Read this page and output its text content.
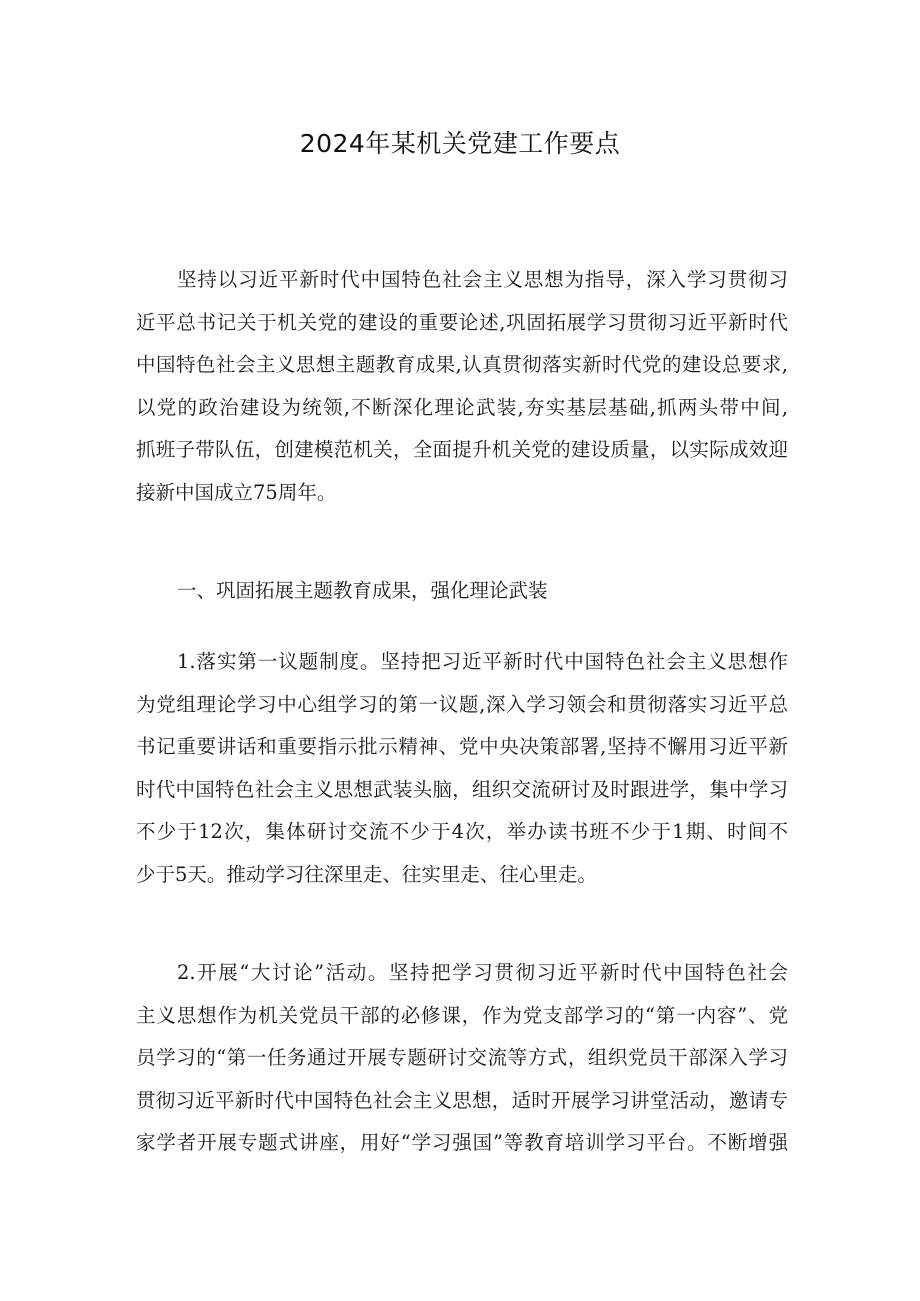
2024年某机关党建工作要点
坚持以习近平新时代中国特色社会主义思想为指导，深入学习贯彻习
近平总书记关于机关党的建设的重要论述,巩固拓展学习贯彻习近平新时代
中国特色社会主义思想主题教育成果,认真贯彻落实新时代党的建设总要求,
以党的政治建设为统领,不断深化理论武装,夯实基层基础,抓两头带中间,
抓班子带队伍，创建模范机关，全面提升机关党的建设质量，以实际成效迎
接新中国成立75周年。
一、巩固拓展主题教育成果，强化理论武装
1.落实第一议题制度。坚持把习近平新时代中国特色社会主义思想作
为党组理论学习中心组学习的第一议题,深入学习领会和贯彻落实习近平总
书记重要讲话和重要指示批示精神、党中央决策部署,坚持不懈用习近平新
时代中国特色社会主义思想武装头脑，组织交流研讨及时跟进学，集中学习
不少于12次，集体研讨交流不少于4次，举办读书班不少于1期、时间不
少于5天。推动学习往深里走、往实里走、往心里走。
2.开展“大讨论”活动。坚持把学习贯彻习近平新时代中国特色社会
主义思想作为机关党员干部的必修课，作为党支部学习的“第一内容”、党
员学习的“第一任务通过开展专题研讨交流等方式，组织党员干部深入学习
贯彻习近平新时代中国特色社会主义思想，适时开展学习讲堂活动，邀请专
家学者开展专题式讲座，用好“学习强国”等教育培训学习平台。不断增强
